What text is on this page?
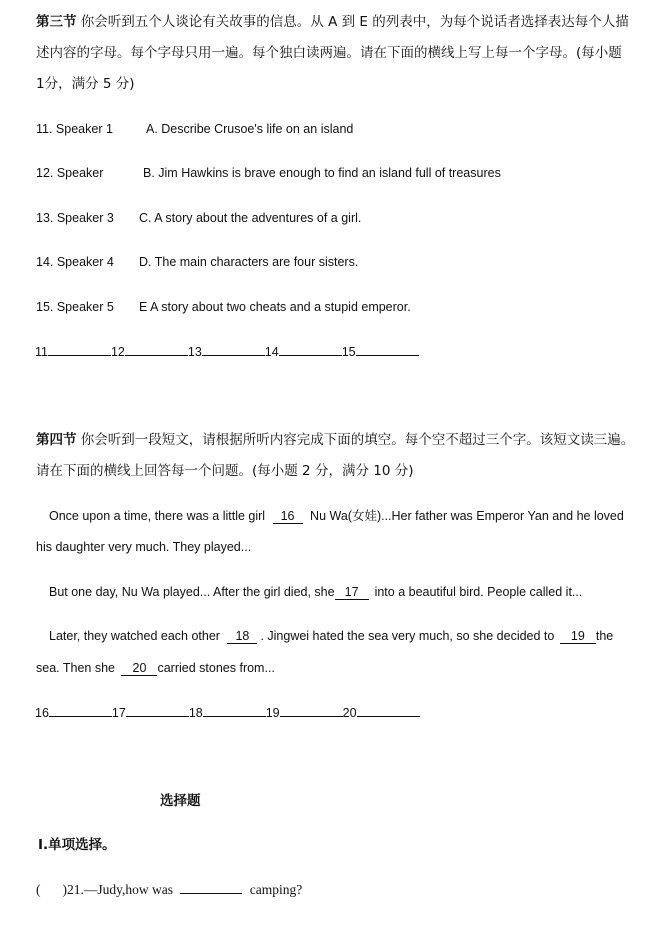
第三节 你会听到五个人谈论有关故事的信息。从 A 到 E 的列表中，为每个说话者选择表达每个人描
述内容的字母。每个字母只用一遍。每个独白读两遍。请在下面的横线上写上每一个字母。(每小题
1分，满分 5 分)
11. Speaker 1	A. Describe Crusoe's life on an island
12. Speaker	B. Jim Hawkins is brave enough to find an island full of treasures
13. Speaker 3 C. A story about the adventures of a girl.
14. Speaker 4 D. The main characters are four sisters.
15. Speaker 5 E A story about two cheats and a stupid emperor.
11	12	13	14	15
第四节 你会听到一段短文，请根据所听内容完成下面的填空。每个空不超过三个字。该短文读三遍。
请在下面的横线上回答每一个问题。(每小题 2 分，满分 10 分)
Once upon a time, there was a little girl 16 Nu Wa(女娃)...Her father was Emperor Yan and he loved
his daughter very much. They played...
But one day, Nu Wa played... After the girl died, she 17 into a beautiful bird. People called it...
Later, they watched each other 18 . Jingwei hated the sea very much, so she decided to 19 the
sea. Then she 20 carried stones from...
16	17	18	19	20
选择题
Ⅰ.单项选择。
( )21.—Judy,how was	camping?
